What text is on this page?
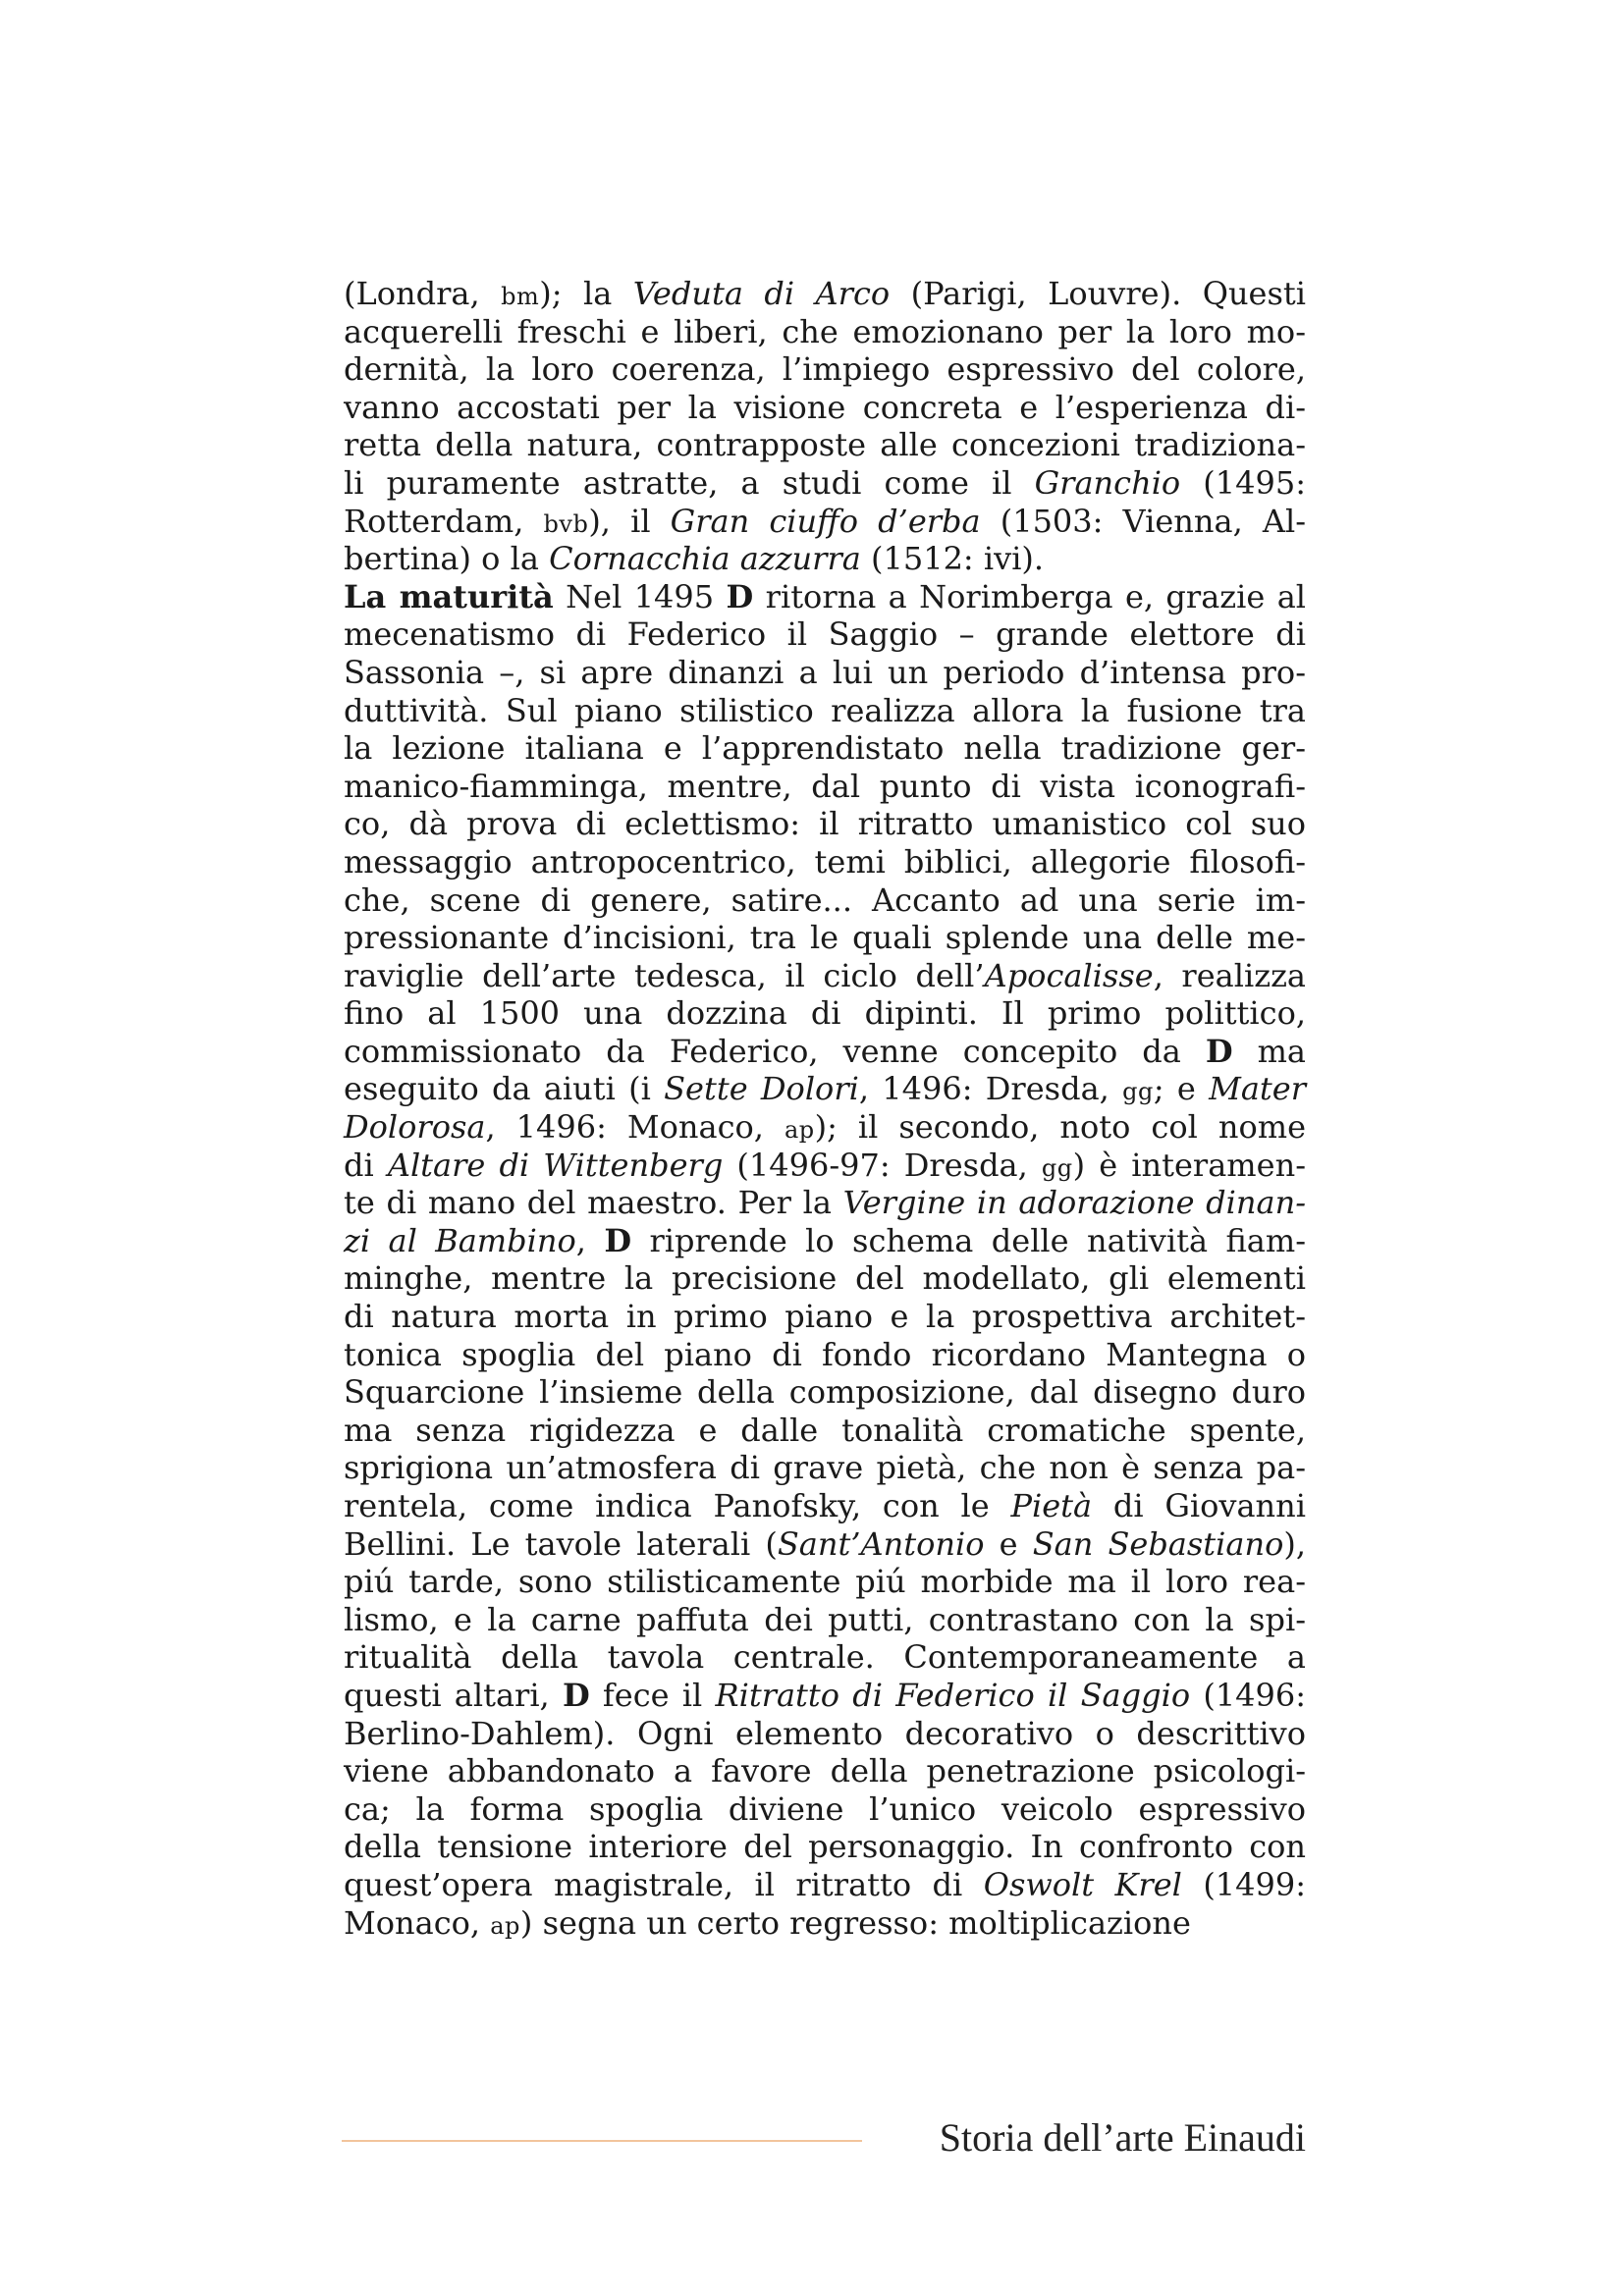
(Londra, bm); la Veduta di Arco (Parigi, Louvre). Questi
acquerelli freschi e liberi, che emozionano per la loro mo-
dernità, la loro coerenza, l’impiego espressivo del colore,
vanno accostati per la visione concreta e l’esperienza di-
retta della natura, contrapposte alle concezioni tradiziona-
li puramente astratte, a studi come il Granchio (1495:
Rotterdam, bvb), il Gran ciuffo d’erba (1503: Vienna, Al-
bertina) o la Cornacchia azzurra (1512: ivi).
La maturità Nel 1495 D ritorna a Norimberga e, grazie al
mecenatismo di Federico il Saggio – grande elettore di
Sassonia –, si apre dinanzi a lui un periodo d’intensa pro-
duttività. Sul piano stilistico realizza allora la fusione tra
la lezione italiana e l’apprendistato nella tradizione ger-
manico-fiamminga, mentre, dal punto di vista iconografi-
co, dà prova di eclettismo: il ritratto umanistico col suo
messaggio antropocentrico, temi biblici, allegorie filosofi-
che, scene di genere, satire... Accanto ad una serie im-
pressionante d’incisioni, tra le quali splende una delle me-
raviglie dell’arte tedesca, il ciclo dell’Apocalisse, realizza
fino al 1500 una dozzina di dipinti. Il primo polittico,
commissionato da Federico, venne concepito da D ma
eseguito da aiuti (i Sette Dolori, 1496: Dresda, gg; e Mater
Dolorosa, 1496: Monaco, ap); il secondo, noto col nome
di Altare di Wittenberg (1496-97: Dresda, gg) è interamen-
te di mano del maestro. Per la Vergine in adorazione dinan-
zi al Bambino, D riprende lo schema delle natività fiam-
minghe, mentre la precisione del modellato, gli elementi
di natura morta in primo piano e la prospettiva architet-
tonica spoglia del piano di fondo ricordano Mantegna o
Squarcione l’insieme della composizione, dal disegno duro
ma senza rigidezza e dalle tonalità cromatiche spente,
sprigiona un’atmosfera di grave pietà, che non è senza pa-
rentela, come indica Panofsky, con le Pietà di Giovanni
Bellini. Le tavole laterali (Sant’Antonio e San Sebastiano),
piú tarde, sono stilisticamente piú morbide ma il loro rea-
lismo, e la carne paffuta dei putti, contrastano con la spi-
ritualità della tavola centrale. Contemporaneamente a
questi altari, D fece il Ritratto di Federico il Saggio (1496:
Berlino-Dahlem). Ogni elemento decorativo o descrittivo
viene abbandonato a favore della penetrazione psicologi-
ca; la forma spoglia diviene l’unico veicolo espressivo
della tensione interiore del personaggio. In confronto con
quest’opera magistrale, il ritratto di Oswolt Krel (1499:
Monaco, ap) segna un certo regresso: moltiplicazione
Storia dell’arte Einaudi
